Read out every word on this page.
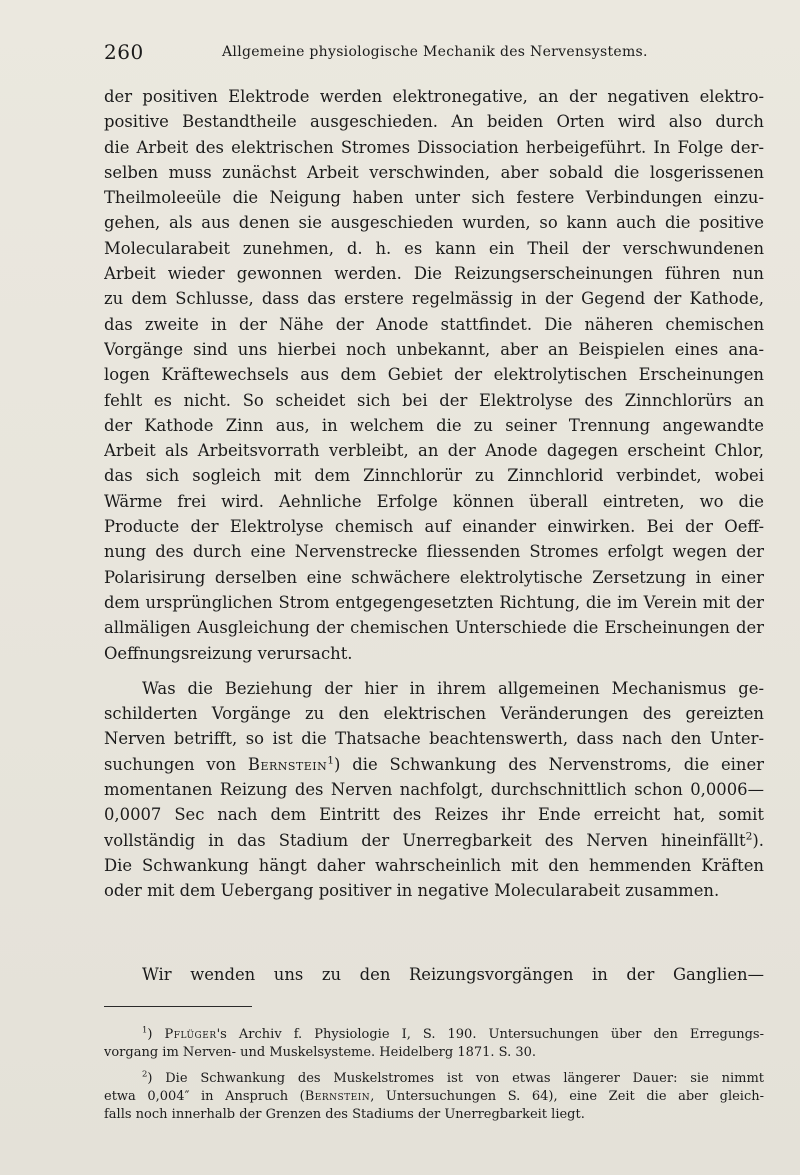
260	Allgemeine physiologische Mechanik des Nervensystems.
der positiven Elektrode werden elektronegative, an der negativen elektro-
positive Bestandtheile ausgeschieden. An beiden Orten wird also durch
die Arbeit des elektrischen Stromes Dissociation herbeigeführt. In Folge der-
selben muss zunächst Arbeit verschwinden, aber sobald die losgerissenen
Theilmoleeüle die Neigung haben unter sich festere Verbindungen einzu-
gehen, als aus denen sie ausgeschieden wurden, so kann auch die positive
Molecularabeit zunehmen, d. h. es kann ein Theil der verschwundenen
Arbeit wieder gewonnen werden. Die Reizungserscheinungen führen nun
zu dem Schlusse, dass das erstere regelmässig in der Gegend der Kathode,
das zweite in der Nähe der Anode stattfindet. Die näheren chemischen
Vorgänge sind uns hierbei noch unbekannt, aber an Beispielen eines ana-
logen Kräftewechsels aus dem Gebiet der elektrolytischen Erscheinungen
fehlt es nicht. So scheidet sich bei der Elektrolyse des Zinnchlorürs an
der Kathode Zinn aus, in welchem die zu seiner Trennung angewandte
Arbeit als Arbeitsvorrath verbleibt, an der Anode dagegen erscheint Chlor,
das sich sogleich mit dem Zinnchlorür zu Zinnchlorid verbindet, wobei
Wärme frei wird. Aehnliche Erfolge können überall eintreten, wo die
Producte der Elektrolyse chemisch auf einander einwirken. Bei der Oeff-
nung des durch eine Nervenstrecke fliessenden Stromes erfolgt wegen der
Polarisirung derselben eine schwächere elektrolytische Zersetzung in einer
dem ursprünglichen Strom entgegengesetzten Richtung, die im Verein mit der
allmäligen Ausgleichung der chemischen Unterschiede die Erscheinungen der
Oeffnungsreizung verursacht.
Was die Beziehung der hier in ihrem allgemeinen Mechanismus ge-
schilderten Vorgänge zu den elektrischen Veränderungen des gereizten
Nerven betrifft, so ist die Thatsache beachtenswerth, dass nach den Unter-
suchungen von Bernstein$^1$) die Schwankung des Nervenstroms, die einer
momentanen Reizung des Nerven nachfolgt, durchschnittlich schon 0,0006—
0,0007 Sec nach dem Eintritt des Reizes ihr Ende erreicht hat, somit
vollständig in das Stadium der Unerregbarkeit des Nerven hineinfällt$^2$).
Die Schwankung hängt daher wahrscheinlich mit den hemmenden Kräften
oder mit dem Uebergang positiver in negative Molecularabeit zusammen.
Wir wenden uns zu den Reizungsvorgängen in der Ganglien—
$^1$) Pflüger's Archiv f. Physiologie I, S. 190. Untersuchungen über den Erregungs-
vorgang im Nerven- und Muskelsysteme. Heidelberg 1871. S. 30.
$^2$) Die Schwankung des Muskelstromes ist von etwas längerer Dauer: sie nimmt
etwa 0,004″ in Anspruch (Bernstein, Untersuchungen S. 64), eine Zeit die aber gleich-
falls noch innerhalb der Grenzen des Stadiums der Unerregbarkeit liegt.
